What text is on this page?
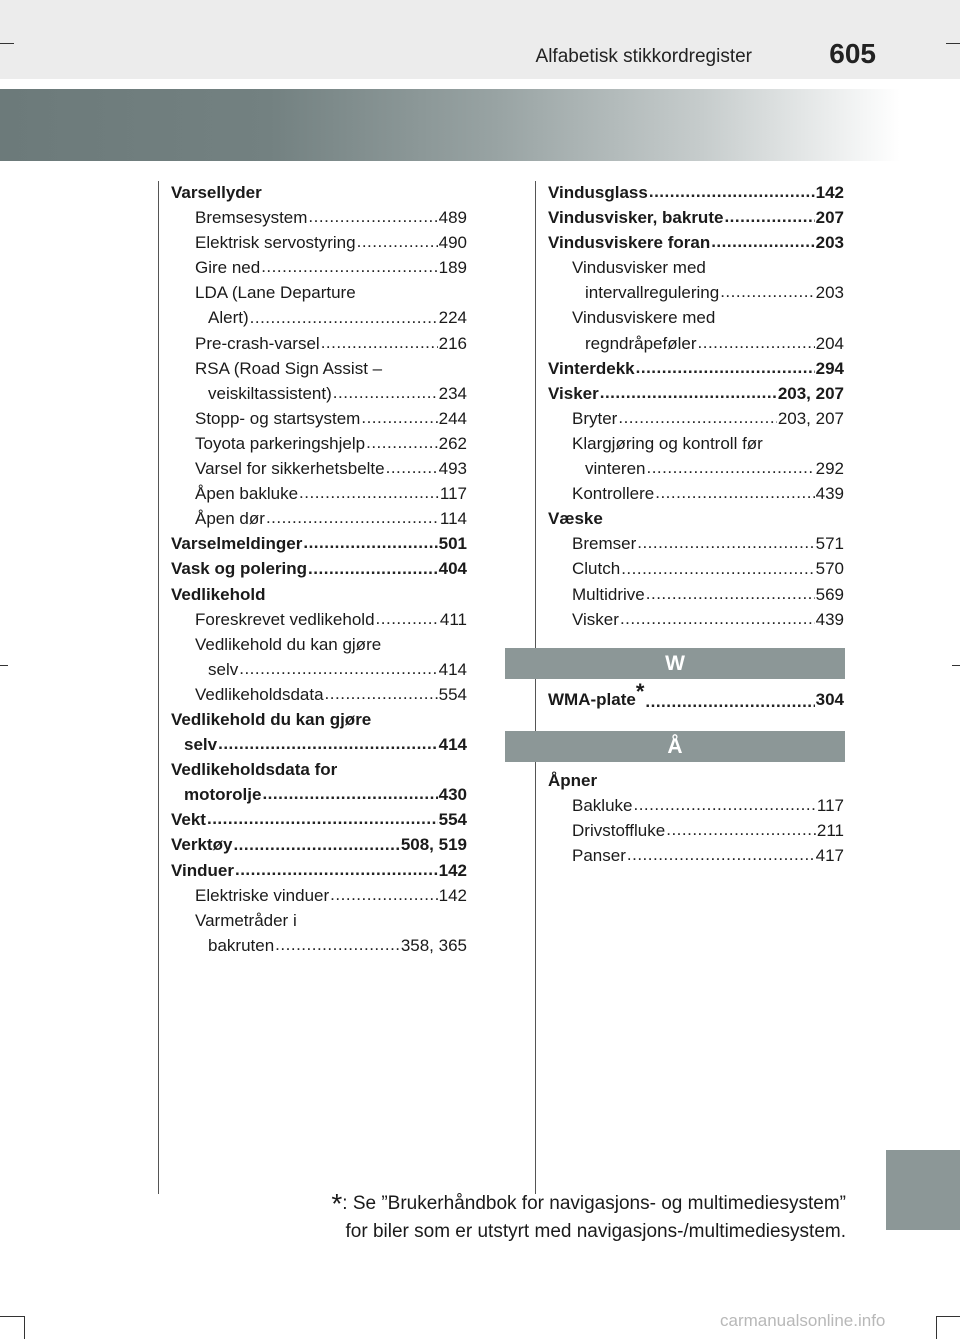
Alfabetisk stikkordregister	605
Varsellyder
Bremsesystem .....	489
Elektrisk servostyring .....	490
Gire ned .....	189
LDA (Lane Departure
Alert) .....	224
Pre-crash-varsel .....	216
RSA (Road Sign Assist –
veiskiltassistent) .....	234
Stopp- og startsystem .....	244
Toyota parkeringshjelp .....	262
Varsel for sikkerhetsbelte .....	493
Åpen bakluke .....	117
Åpen dør .....	114
Varselmeldinger .....	501
Vask og polering .....	404
Vedlikehold
Foreskrevet vedlikehold .....	411
Vedlikehold du kan gjøre
selv .....	414
Vedlikeholdsdata .....	554
Vedlikehold du kan gjøre
selv .....	414
Vedlikeholdsdata for
motorolje .....	430
Vekt .....	554
Verktøy .....	508, 519
Vinduer .....	142
Elektriske vinduer .....	142
Varmetråder i
bakruten .....	358, 365
Vindusglass .....	142
Vindusvisker, bakrute .....	207
Vindusviskere foran .....	203
Vindusvisker med
intervallregulering .....	203
Vindusviskere med
regndråpeføler .....	204
Vinterdekk .....	294
Visker .....	203, 207
Bryter .....	203, 207
Klargjøring og kontroll før
vinteren .....	292
Kontrollere .....	439
Væske
Bremser .....	571
Clutch .....	570
Multidrive .....	569
Visker .....	439
W
WMA-plate* .....	304
Å
Åpner
Bakluke .....	117
Drivstoffluke .....	211
Panser .....	417
*: Se ”Brukerhåndbok for navigasjons- og multimediesystem”
for biler som er utstyrt med navigasjons-/multimediesystem.
carmanualsonline.info
